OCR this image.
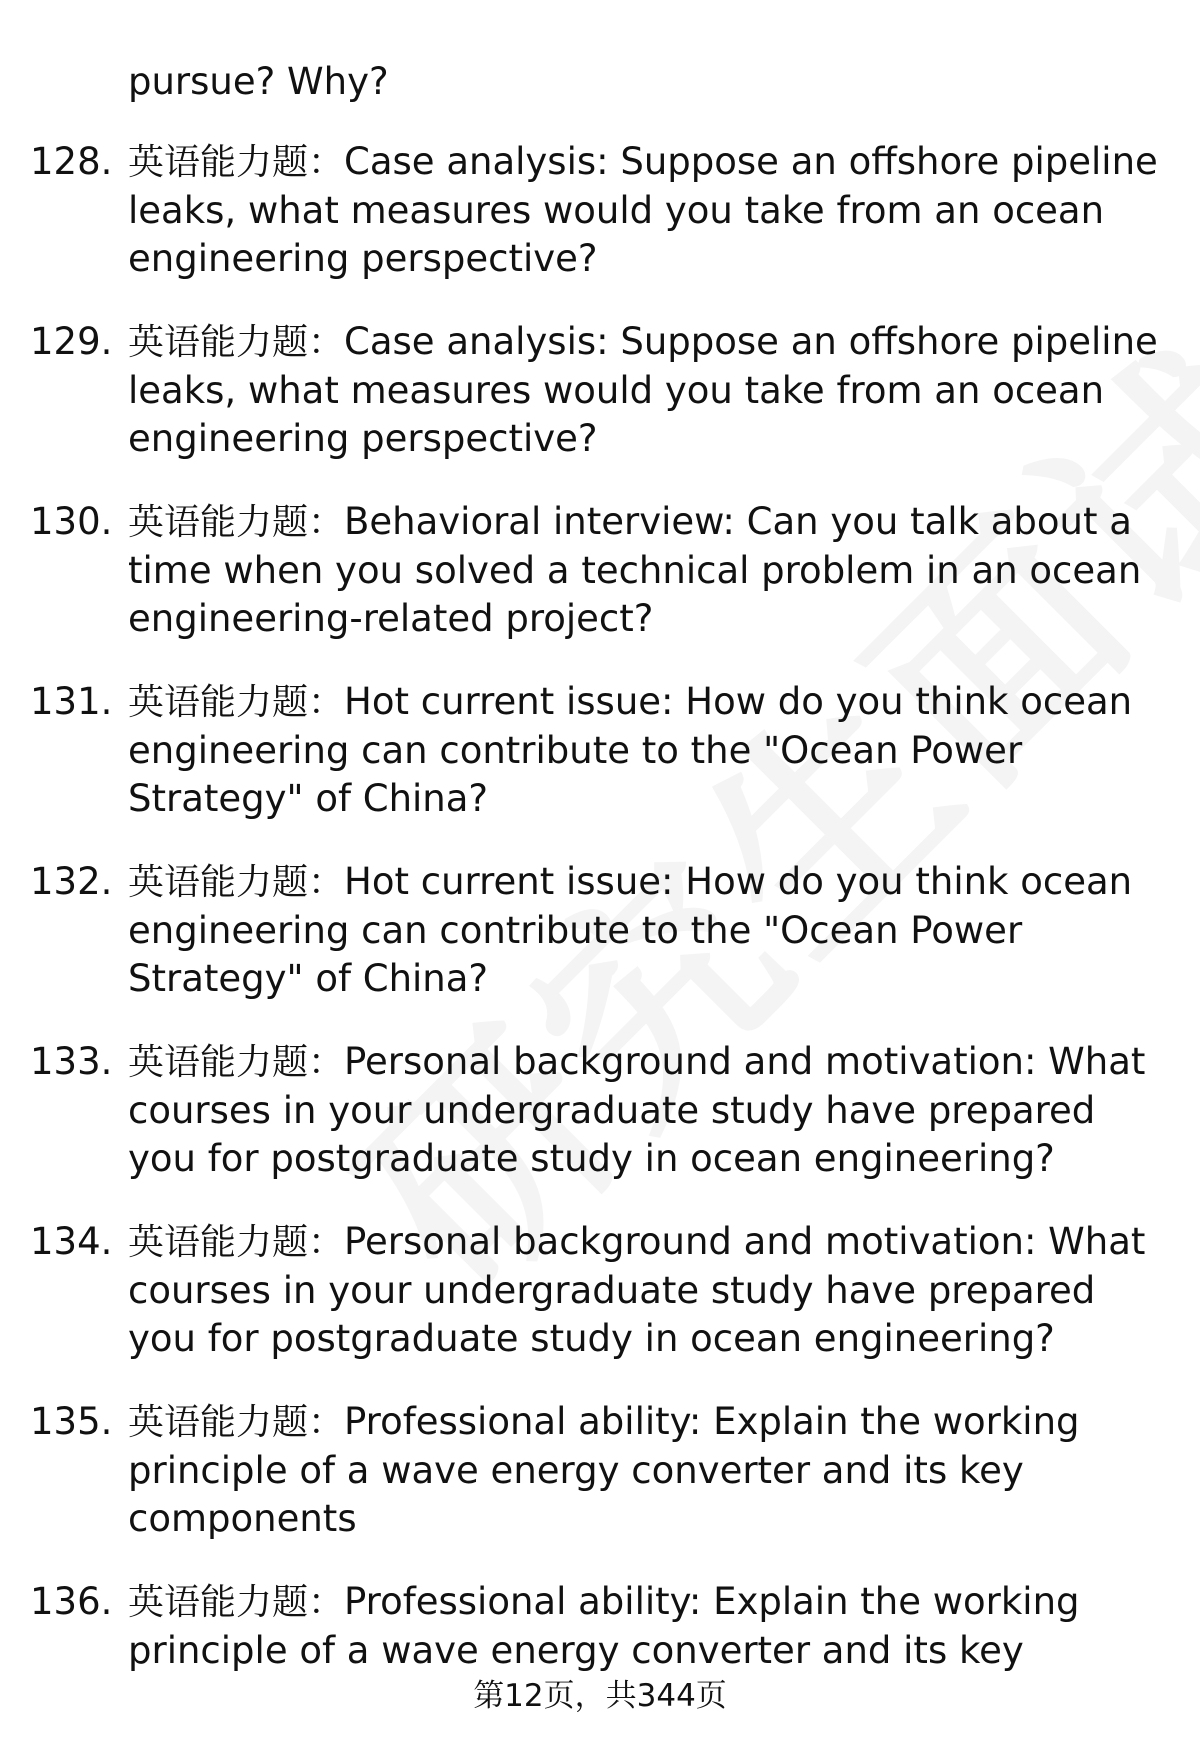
pursue? Why?
128. 英语能力题：Case analysis: Suppose an offshore pipeline leaks, what measures would you take from an ocean engineering perspective?
129. 英语能力题：Case analysis: Suppose an offshore pipeline leaks, what measures would you take from an ocean engineering perspective?
130. 英语能力题：Behavioral interview: Can you talk about a time when you solved a technical problem in an ocean engineering-related project?
131. 英语能力题：Hot current issue: How do you think ocean engineering can contribute to the "Ocean Power Strategy" of China?
132. 英语能力题：Hot current issue: How do you think ocean engineering can contribute to the "Ocean Power Strategy" of China?
133. 英语能力题：Personal background and motivation: What courses in your undergraduate study have prepared you for postgraduate study in ocean engineering?
134. 英语能力题：Personal background and motivation: What courses in your undergraduate study have prepared you for postgraduate study in ocean engineering?
135. 英语能力题：Professional ability: Explain the working principle of a wave energy converter and its key components
136. 英语能力题：Professional ability: Explain the working principle of a wave energy converter and its key
第12页，共344页
